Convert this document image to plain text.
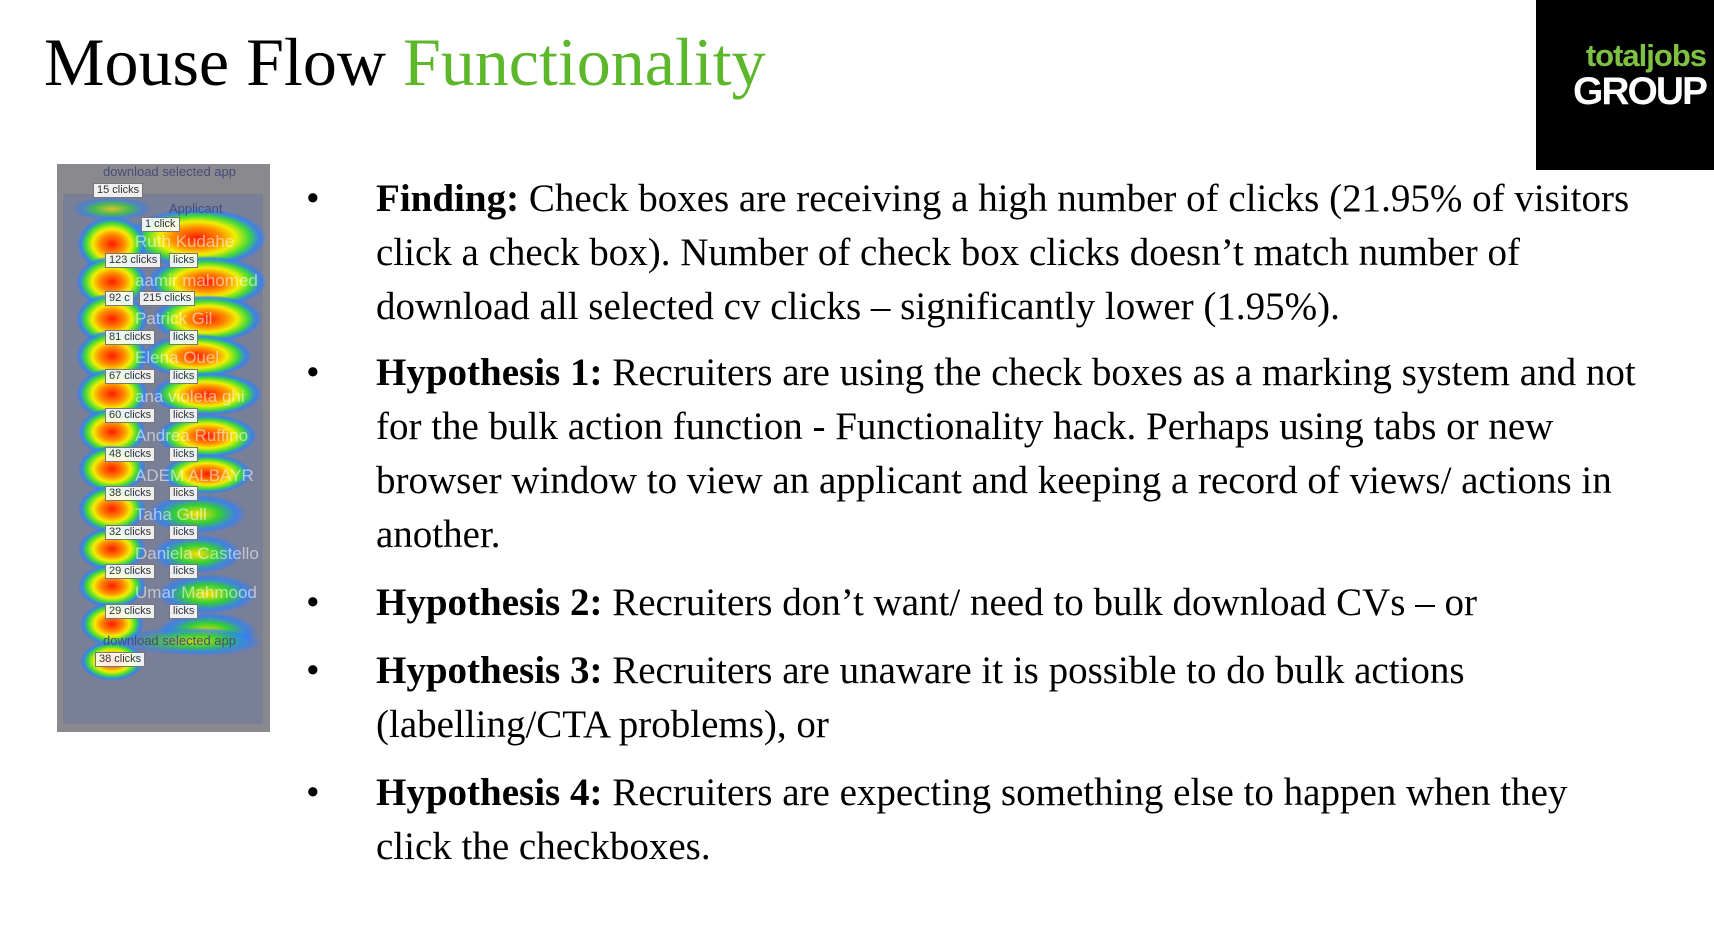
Mouse Flow Functionality	totaljobs
GROUP
download selected app
15 clicks
Applicant
1 click
Ruth Kudahe
123 clicks	licks
aamir mahomed
92 c	215 clicks
Patrick Gil
81 clicks	licks
Elena Ouel
67 clicks	licks
ana violeta ghi
60 clicks	licks
Andrea Ruffino
48 clicks	licks
ADEM ALBAYR
38 clicks	licks
Taha Gull
32 clicks	licks
Daniela Castello
29 clicks	licks
Umar Mahmood
29 clicks	licks
download selected app
38 clicks
• Finding: Check boxes are receiving a high number of clicks (21.95% of visitors click a check box). Number of check box clicks doesn’t match number of download all selected cv clicks – significantly lower (1.95%).
• Hypothesis 1: Recruiters are using the check boxes as a marking system and not for the bulk action function - Functionality hack. Perhaps using tabs or new browser window to view an applicant and keeping a record of views/ actions in another.
• Hypothesis 2: Recruiters don’t want/ need to bulk download CVs – or
• Hypothesis 3: Recruiters are unaware it is possible to do bulk actions (labelling/CTA problems), or
• Hypothesis 4: Recruiters are expecting something else to happen when they click the checkboxes.
